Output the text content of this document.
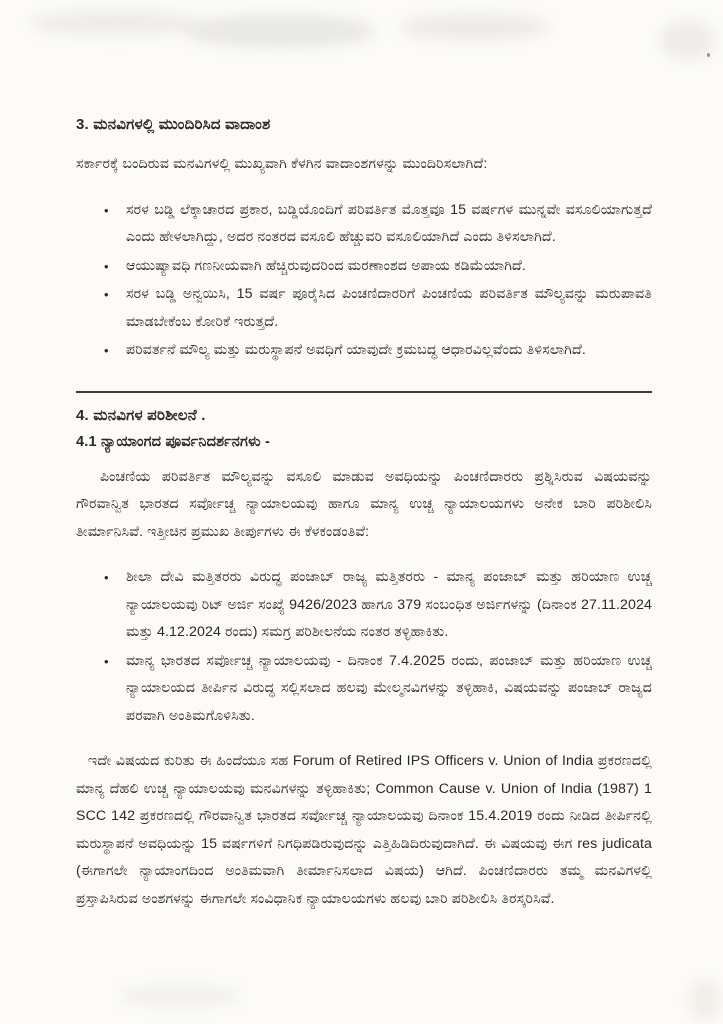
3. ಮನವಿಗಳಲ್ಲಿ ಮುಂದಿರಿಸಿದ ವಾದಾಂಶ

ಸರ್ಕಾರಕ್ಕೆ ಬಂದಿರುವ ಮನವಿಗಳಲ್ಲಿ ಮುಖ್ಯವಾಗಿ ಕೆಳಗಿನ ವಾದಾಂಶಗಳನ್ನು ಮುಂದಿರಿಸಲಾಗಿದೆ:

•	ಸರಳ ಬಡ್ಡಿ ಲೆಕ್ಕಾಚಾರದ ಪ್ರಕಾರ, ಬಡ್ಡಿಯೊಂದಿಗೆ ಪರಿವರ್ತಿತ ಮೊತ್ತವೂ 15 ವರ್ಷಗಳ ಮುನ್ನವೇ ವಸೂಲಿಯಾಗುತ್ತದೆ ಎಂದು ಹೇಳಲಾಗಿದ್ದು, ಅದರ ನಂತರದ ವಸೂಲಿ ಹೆಚ್ಚುವರಿ ವಸೂಲಿಯಾಗಿದೆ ಎಂದು ತಿಳಿಸಲಾಗಿದೆ.
•	ಆಯುಷ್ಯಾವಧಿ ಗಣನೀಯವಾಗಿ ಹೆಚ್ಚಿರುವುದರಿಂದ ಮರಣಾಂಶದ ಅಪಾಯ ಕಡಿಮೆಯಾಗಿದೆ.
•	ಸರಳ ಬಡ್ಡಿ ಅನ್ವಯಿಸಿ, 15 ವರ್ಷ ಪೂರೈಸಿದ ಪಿಂಚಣಿದಾರರಿಗೆ ಪಿಂಚಣಿಯ ಪರಿವರ್ತಿತ ಮೌಲ್ಯವನ್ನು ಮರುಪಾವತಿ ಮಾಡಬೇಕೆಂಬ ಕೋರಿಕೆ ಇರುತ್ತದೆ.
•	ಪರಿವರ್ತನೆ ಮೌಲ್ಯ ಮತ್ತು ಮರುಸ್ಥಾಪನೆ ಅವಧಿಗೆ ಯಾವುದೇ ಕ್ರಮಬದ್ಧ ಆಧಾರವಿಲ್ಲವೆಂದು ತಿಳಿಸಲಾಗಿದೆ.
4. ಮನವಿಗಳ ಪರಿಶೀಲನೆ .
4.1 ನ್ಯಾಯಾಂಗದ ಪೂರ್ವನಿದರ್ಶನಗಳು -

ಪಿಂಚಣಿಯ ಪರಿವರ್ತಿತ ಮೌಲ್ಯವನ್ನು ವಸೂಲಿ ಮಾಡುವ ಅವಧಿಯನ್ನು ಪಿಂಚಣಿದಾರರು ಪ್ರಶ್ನಿಸಿರುವ ವಿಷಯವನ್ನು ಗೌರವಾನ್ವಿತ ಭಾರತದ ಸರ್ವೋಚ್ಚ ನ್ಯಾಯಾಲಯವು ಹಾಗೂ ಮಾನ್ಯ ಉಚ್ಚ ನ್ಯಾಯಾಲಯಗಳು ಅನೇಕ ಬಾರಿ ಪರಿಶೀಲಿಸಿ ತೀರ್ಮಾನಿಸಿವೆ. ಇತ್ತೀಚಿನ ಪ್ರಮುಖ ತೀರ್ಪುಗಳು ಈ ಕೆಳಕಂಡಂತಿವೆ:

•	ಶೀಲಾ ದೇವಿ ಮತ್ತಿತರರು ವಿರುದ್ಧ ಪಂಜಾಬ್ ರಾಜ್ಯ ಮತ್ತಿತರರು - ಮಾನ್ಯ ಪಂಜಾಬ್ ಮತ್ತು ಹರಿಯಾಣ ಉಚ್ಚ ನ್ಯಾಯಾಲಯವು ರಿಟ್ ಅರ್ಜಿ ಸಂಖ್ಯೆ 9426/2023 ಹಾಗೂ 379 ಸಂಬಂಧಿತ ಅರ್ಜಿಗಳನ್ನು (ದಿನಾಂಕ 27.11.2024 ಮತ್ತು 4.12.2024 ರಂದು) ಸಮಗ್ರ ಪರಿಶೀಲನೆಯ ನಂತರ ತಳ್ಳಿಹಾಕಿತು.
•	ಮಾನ್ಯ ಭಾರತದ ಸರ್ವೋಚ್ಚ ನ್ಯಾಯಾಲಯವು - ದಿನಾಂಕ 7.4.2025 ರಂದು, ಪಂಜಾಬ್ ಮತ್ತು ಹರಿಯಾಣ ಉಚ್ಚ ನ್ಯಾಯಾಲಯದ ತೀರ್ಪಿನ ವಿರುದ್ಧ ಸಲ್ಲಿಸಲಾದ ಹಲವು ಮೇಲ್ಮನವಿಗಳನ್ನು ತಳ್ಳಿಹಾಕಿ, ವಿಷಯವನ್ನು ಪಂಜಾಬ್ ರಾಜ್ಯದ ಪರವಾಗಿ ಅಂತಿಮಗೊಳಿಸಿತು.

ಇದೇ ವಿಷಯದ ಕುರಿತು ಈ ಹಿಂದೆಯೂ ಸಹ Forum of Retired IPS Officers v. Union of India ಪ್ರಕರಣದಲ್ಲಿ ಮಾನ್ಯ ದೆಹಲಿ ಉಚ್ಚ ನ್ಯಾಯಾಲಯವು ಮನವಿಗಳನ್ನು ತಳ್ಳಿಹಾಕಿತು; Common Cause v. Union of India (1987) 1 SCC 142 ಪ್ರಕರಣದಲ್ಲಿ ಗೌರವಾನ್ವಿತ ಭಾರತದ ಸರ್ವೋಚ್ಚ ನ್ಯಾಯಾಲಯವು ದಿನಾಂಕ 15.4.2019 ರಂದು ನೀಡಿದ ತೀರ್ಪಿನಲ್ಲಿ ಮರುಸ್ಥಾಪನೆ ಅವಧಿಯನ್ನು 15 ವರ್ಷಗಳಿಗೆ ನಿಗಧಿಪಡಿರುವುದನ್ನು ಎತ್ತಿಹಿಡಿದಿರುವುದಾಗಿದೆ. ಈ ವಿಷಯವು ಈಗ res judicata (ಈಗಾಗಲೇ ನ್ಯಾಯಾಂಗದಿಂದ ಅಂತಿಮವಾಗಿ ತೀರ್ಮಾನಿಸಲಾದ ವಿಷಯ) ಆಗಿದೆ. ಪಿಂಚಣಿದಾರರು ತಮ್ಮ ಮನವಿಗಳಲ್ಲಿ ಪ್ರಸ್ತಾಪಿಸಿರುವ ಅಂಶಗಳನ್ನು ಈಗಾಗಲೇ ಸಂವಿಧಾನಿಕ ನ್ಯಾಯಾಲಯಗಳು ಹಲವು ಬಾರಿ ಪರಿಶೀಲಿಸಿ ತಿರಸ್ಕರಿಸಿವೆ.
